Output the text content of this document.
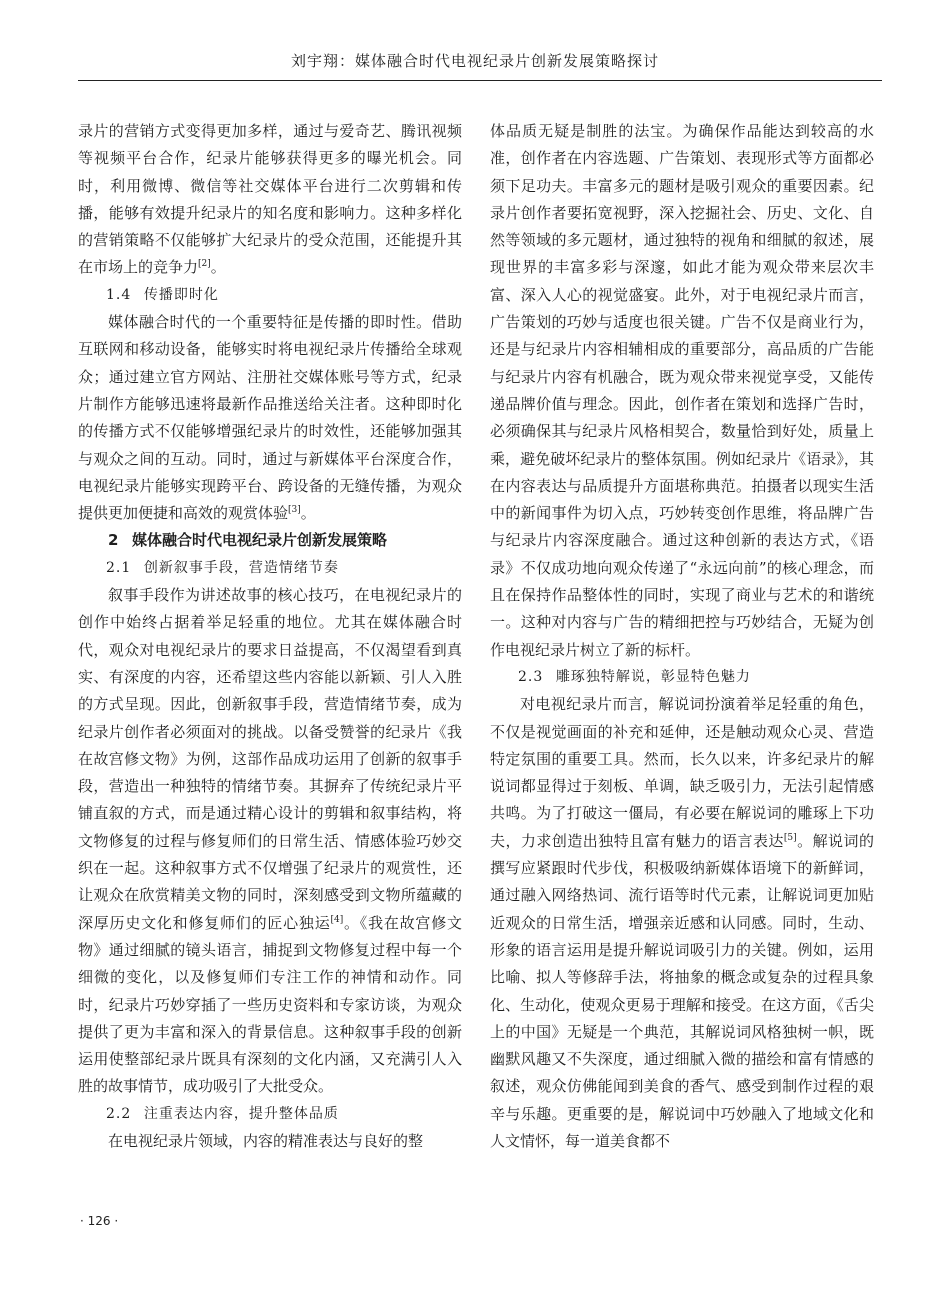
刘宇翔：媒体融合时代电视纪录片创新发展策略探讨

录片的营销方式变得更加多样，通过与爱奇艺、腾讯视频等视频平台合作，纪录片能够获得更多的曝光机会。同时，利用微博、微信等社交媒体平台进行二次剪辑和传播，能够有效提升纪录片的知名度和影响力。这种多样化的营销策略不仅能够扩大纪录片的受众范围，还能提升其在市场上的竞争力[2]。

1.4 传播即时化

媒体融合时代的一个重要特征是传播的即时性。借助互联网和移动设备，能够实时将电视纪录片传播给全球观众；通过建立官方网站、注册社交媒体账号等方式，纪录片制作方能够迅速将最新作品推送给关注者。这种即时化的传播方式不仅能够增强纪录片的时效性，还能够加强其与观众之间的互动。同时，通过与新媒体平台深度合作，电视纪录片能够实现跨平台、跨设备的无缝传播，为观众提供更加便捷和高效的观赏体验[3]。

2 媒体融合时代电视纪录片创新发展策略

2.1 创新叙事手段，营造情绪节奏

叙事手段作为讲述故事的核心技巧，在电视纪录片的创作中始终占据着举足轻重的地位。尤其在媒体融合时代，观众对电视纪录片的要求日益提高，不仅渴望看到真实、有深度的内容，还希望这些内容能以新颖、引人入胜的方式呈现。因此，创新叙事手段，营造情绪节奏，成为纪录片创作者必须面对的挑战。以备受赞誉的纪录片《我在故宫修文物》为例，这部作品成功运用了创新的叙事手段，营造出一种独特的情绪节奏。其摒弃了传统纪录片平铺直叙的方式，而是通过精心设计的剪辑和叙事结构，将文物修复的过程与修复师们的日常生活、情感体验巧妙交织在一起。这种叙事方式不仅增强了纪录片的观赏性，还让观众在欣赏精美文物的同时，深刻感受到文物所蕴藏的深厚历史文化和修复师们的匠心独运[4]。《我在故宫修文物》通过细腻的镜头语言，捕捉到文物修复过程中每一个细微的变化，以及修复师们专注工作的神情和动作。同时，纪录片巧妙穿插了一些历史资料和专家访谈，为观众提供了更为丰富和深入的背景信息。这种叙事手段的创新运用使整部纪录片既具有深刻的文化内涵，又充满引人入胜的故事情节，成功吸引了大批受众。

2.2 注重表达内容，提升整体品质

在电视纪录片领域，内容的精准表达与良好的整

体品质无疑是制胜的法宝。为确保作品能达到较高的水准，创作者在内容选题、广告策划、表现形式等方面都必须下足功夫。丰富多元的题材是吸引观众的重要因素。纪录片创作者要拓宽视野，深入挖掘社会、历史、文化、自然等领域的多元题材，通过独特的视角和细腻的叙述，展现世界的丰富多彩与深邃，如此才能为观众带来层次丰富、深入人心的视觉盛宴。此外，对于电视纪录片而言，广告策划的巧妙与适度也很关键。广告不仅是商业行为，还是与纪录片内容相辅相成的重要部分，高品质的广告能与纪录片内容有机融合，既为观众带来视觉享受，又能传递品牌价值与理念。因此，创作者在策划和选择广告时，必须确保其与纪录片风格相契合，数量恰到好处，质量上乘，避免破坏纪录片的整体氛围。例如纪录片《语录》，其在内容表达与品质提升方面堪称典范。拍摄者以现实生活中的新闻事件为切入点，巧妙转变创作思维，将品牌广告与纪录片内容深度融合。通过这种创新的表达方式，《语录》不仅成功地向观众传递了“永远向前”的核心理念，而且在保持作品整体性的同时，实现了商业与艺术的和谐统一。这种对内容与广告的精细把控与巧妙结合，无疑为创作电视纪录片树立了新的标杆。

2.3 雕琢独特解说，彰显特色魅力

对电视纪录片而言，解说词扮演着举足轻重的角色，不仅是视觉画面的补充和延伸，还是触动观众心灵、营造特定氛围的重要工具。然而，长久以来，许多纪录片的解说词都显得过于刻板、单调，缺乏吸引力，无法引起情感共鸣。为了打破这一僵局，有必要在解说词的雕琢上下功夫，力求创造出独特且富有魅力的语言表达[5]。解说词的撰写应紧跟时代步伐，积极吸纳新媒体语境下的新鲜词，通过融入网络热词、流行语等时代元素，让解说词更加贴近观众的日常生活，增强亲近感和认同感。同时，生动、形象的语言运用是提升解说词吸引力的关键。例如，运用比喻、拟人等修辞手法，将抽象的概念或复杂的过程具象化、生动化，使观众更易于理解和接受。在这方面，《舌尖上的中国》无疑是一个典范，其解说词风格独树一帜，既幽默风趣又不失深度，通过细腻入微的描绘和富有情感的叙述，观众仿佛能闻到美食的香气、感受到制作过程的艰辛与乐趣。更重要的是，解说词中巧妙融入了地域文化和人文情怀，每一道美食都不

· 126 ·
